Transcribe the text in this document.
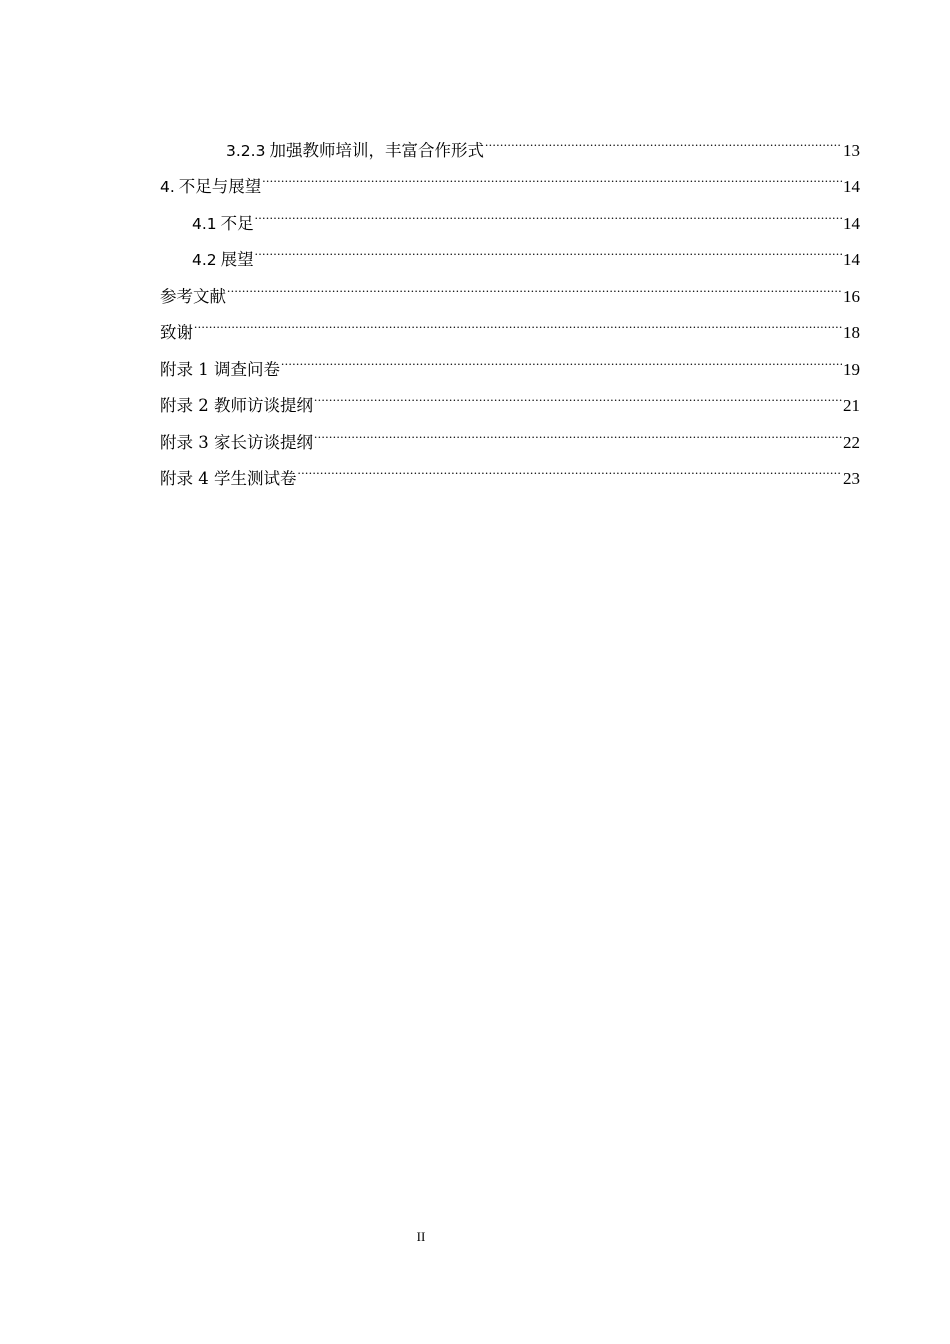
3.2.3 加强教师培训，丰富合作形式 .....	13
4. 不足与展望 .....	14
4.1 不足 .....	14
4.2 展望 .....	14
参考文献 .....	16
致谢 .....	18
附录 1 调查问卷 .....	19
附录 2 教师访谈提纲 .....	21
附录 3 家长访谈提纲 .....	22
附录 4 学生测试卷 .....	23
II
